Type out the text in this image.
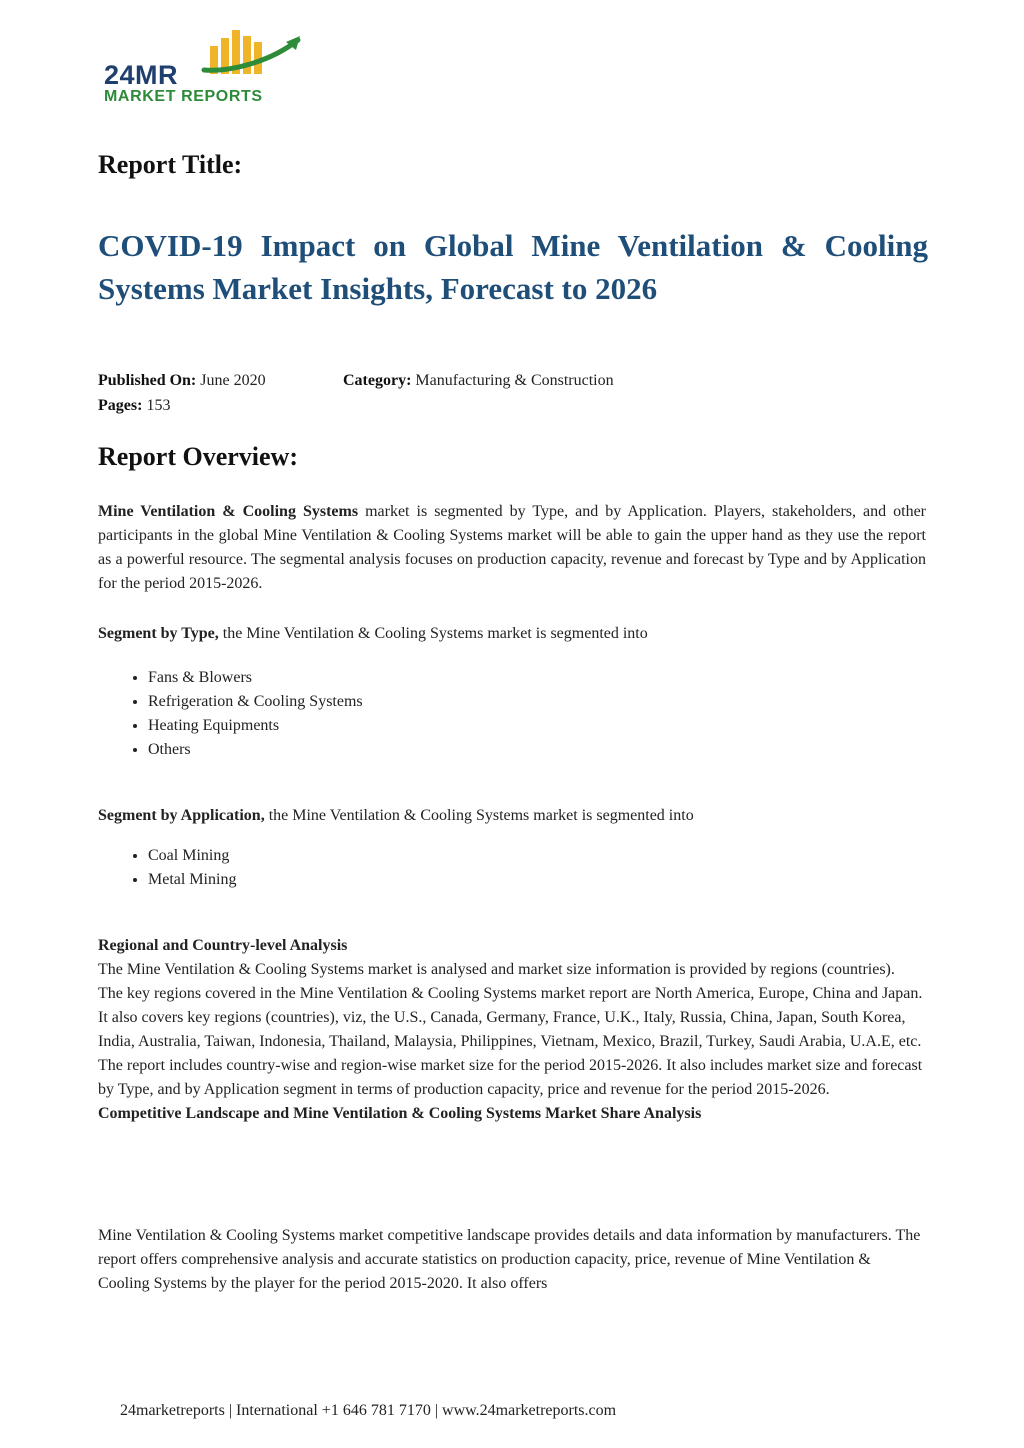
24MR
MARKET REPORTS
Report Title:
COVID-19 Impact on Global Mine Ventilation & Cooling Systems Market Insights, Forecast to 2026
Published On: June 2020	Category: Manufacturing & Construction
Pages: 153
Report Overview:

Mine Ventilation & Cooling Systems market is segmented by Type, and by Application. Players, stakeholders, and other participants in the global Mine Ventilation & Cooling Systems market will be able to gain the upper hand as they use the report as a powerful resource. The segmental analysis focuses on production capacity, revenue and forecast by Type and by Application for the period 2015-2026.

Segment by Type, the Mine Ventilation & Cooling Systems market is segmented into

• Fans & Blowers
• Refrigeration & Cooling Systems
• Heating Equipments
• Others

Segment by Application, the Mine Ventilation & Cooling Systems market is segmented into

• Coal Mining
• Metal Mining
Regional and Country-level Analysis
The Mine Ventilation & Cooling Systems market is analysed and market size information is provided by regions (countries).
The key regions covered in the Mine Ventilation & Cooling Systems market report are North America, Europe, China and Japan. It also covers key regions (countries), viz, the U.S., Canada, Germany, France, U.K., Italy, Russia, China, Japan, South Korea, India, Australia, Taiwan, Indonesia, Thailand, Malaysia, Philippines, Vietnam, Mexico, Brazil, Turkey, Saudi Arabia, U.A.E, etc.
The report includes country-wise and region-wise market size for the period 2015-2026. It also includes market size and forecast by Type, and by Application segment in terms of production capacity, price and revenue for the period 2015-2026.
Competitive Landscape and Mine Ventilation & Cooling Systems Market Share Analysis

Mine Ventilation & Cooling Systems market competitive landscape provides details and data information by manufacturers. The report offers comprehensive analysis and accurate statistics on production capacity, price, revenue of Mine Ventilation & Cooling Systems by the player for the period 2015-2020. It also offers

24marketreports | International +1 646 781 7170 | www.24marketreports.com
